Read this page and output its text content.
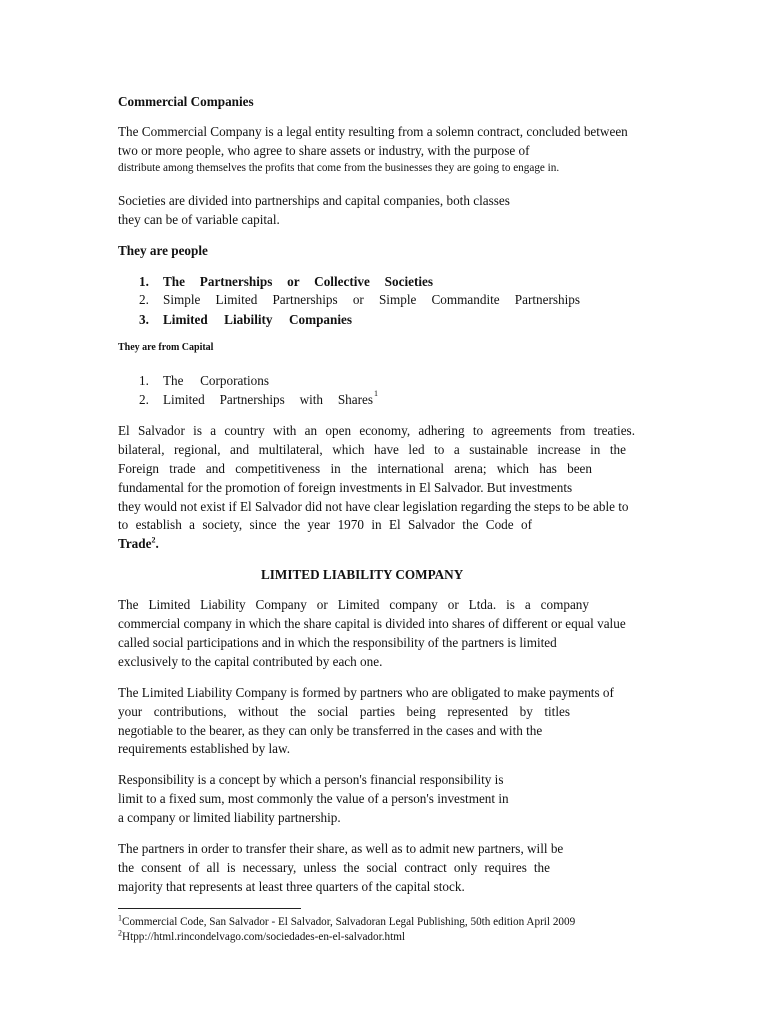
Commercial Companies
The Commercial Company is a legal entity resulting from a solemn contract, concluded between
two or more people, who agree to share assets or industry, with the purpose of
distribute among themselves the profits that come from the businesses they are going to engage in.
Societies are divided into partnerships and capital companies, both classes
they can be of variable capital.
They are people
1. The Partnerships or Collective Societies
2. Simple Limited Partnerships or Simple Commandite Partnerships
3. Limited Liability Companies
They are from Capital
1. The Corporations
2. Limited Partnerships with Shares 1
El Salvador is a country with an open economy, adhering to agreements from treaties.
bilateral, regional, and multilateral, which have led to a sustainable increase in the
Foreign trade and competitiveness in the international arena; which has been
fundamental for the promotion of foreign investments in El Salvador. But investments
they would not exist if El Salvador did not have clear legislation regarding the steps to be able to
to establish a society, since the year 1970 in El Salvador the Code of
Trade$^2$.
LIMITED LIABILITY COMPANY
The Limited Liability Company or Limited company or Ltda. is a company
commercial company in which the share capital is divided into shares of different or equal value
called social participations and in which the responsibility of the partners is limited
exclusively to the capital contributed by each one.
The Limited Liability Company is formed by partners who are obligated to make payments of
your contributions, without the social parties being represented by titles
negotiable to the bearer, as they can only be transferred in the cases and with the
requirements established by law.
Responsibility is a concept by which a person's financial responsibility is
limit to a fixed sum, most commonly the value of a person's investment in
a company or limited liability partnership.
The partners in order to transfer their share, as well as to admit new partners, will be
the consent of all is necessary, unless the social contract only requires the
majority that represents at least three quarters of the capital stock.
$^1$Commercial Code, San Salvador - El Salvador, Salvadoran Legal Publishing, 50th edition April 2009
$^2$Htpp://html.rincondelvago.com/sociedades-en-el-salvador.html
